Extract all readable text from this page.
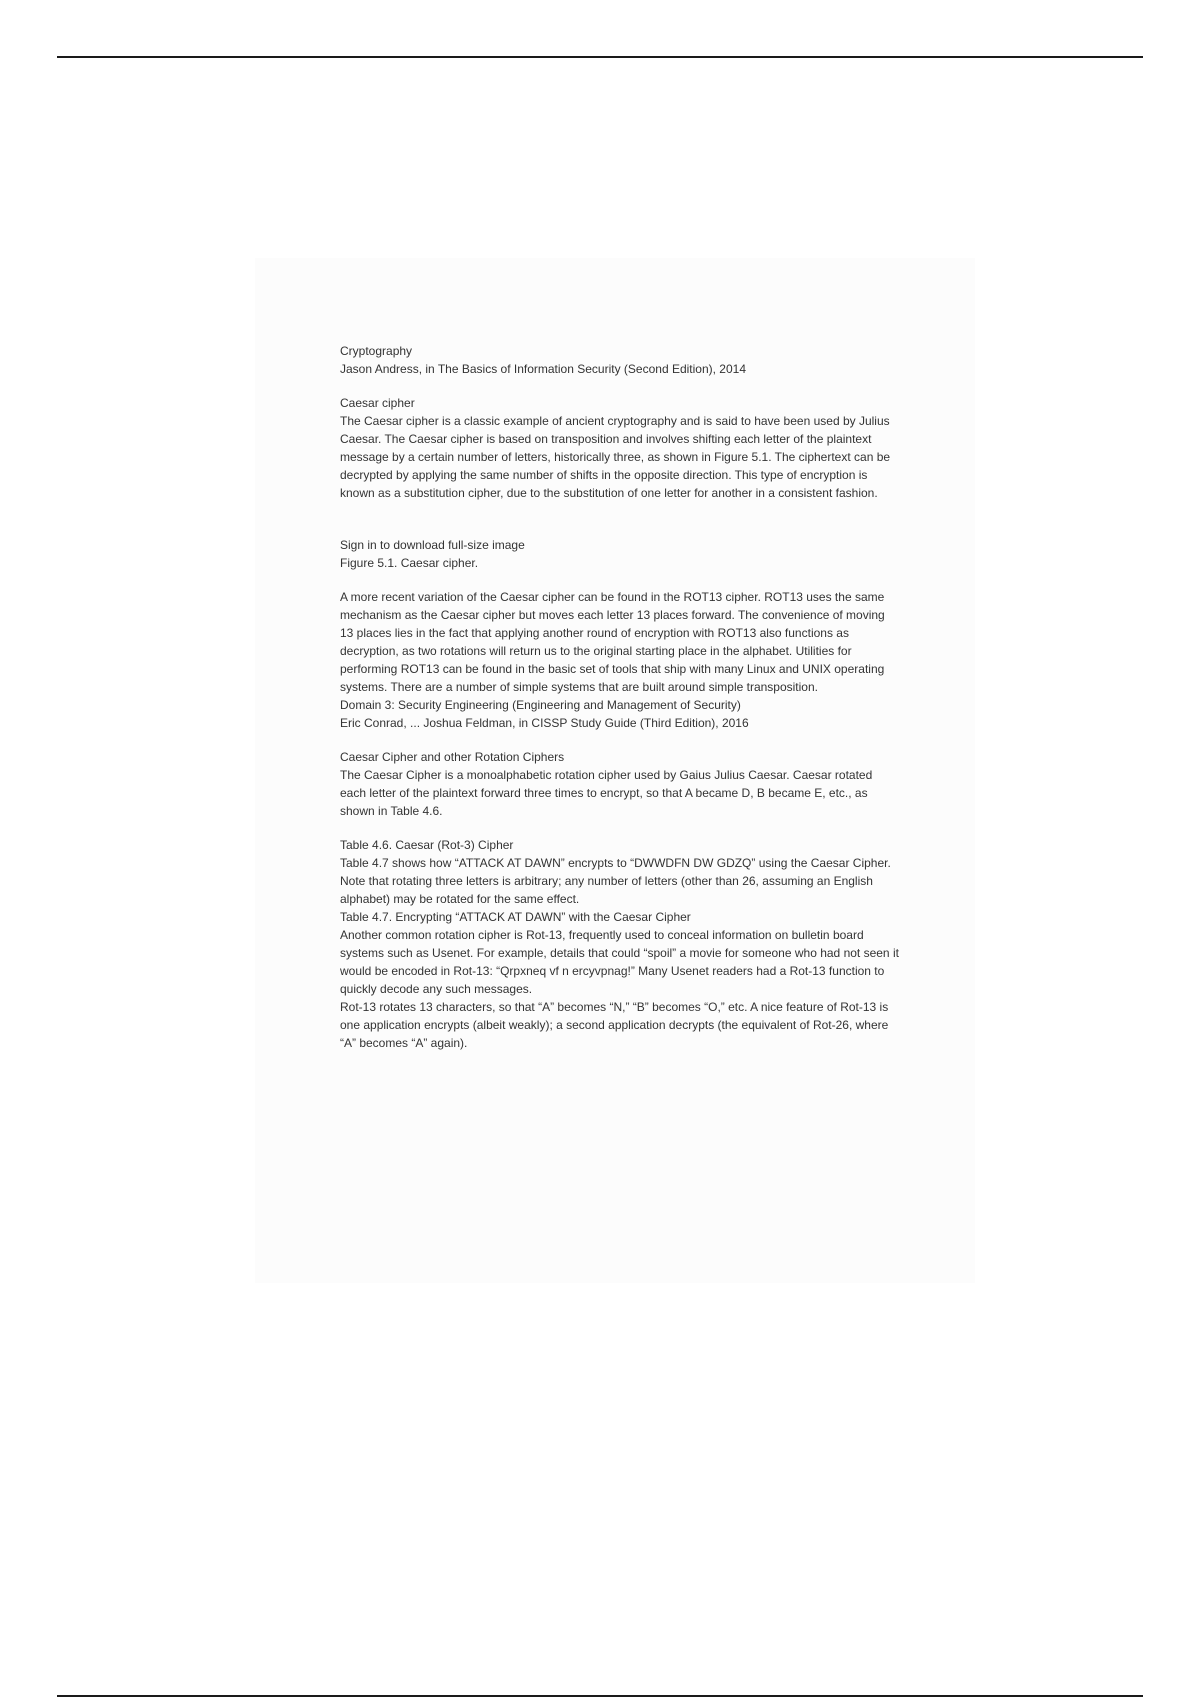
Cryptography

Jason Andress, in The Basics of Information Security (Second Edition), 2014

Caesar cipher

The Caesar cipher is a classic example of ancient cryptography and is said to have been used by Julius Caesar. The Caesar cipher is based on transposition and involves shifting each letter of the plaintext message by a certain number of letters, historically three, as shown in Figure 5.1. The ciphertext can be decrypted by applying the same number of shifts in the opposite direction. This type of encryption is known as a substitution cipher, due to the substitution of one letter for another in a consistent fashion.

Sign in to download full-size image

Figure 5.1. Caesar cipher.

A more recent variation of the Caesar cipher can be found in the ROT13 cipher. ROT13 uses the same mechanism as the Caesar cipher but moves each letter 13 places forward. The convenience of moving 13 places lies in the fact that applying another round of encryption with ROT13 also functions as decryption, as two rotations will return us to the original starting place in the alphabet. Utilities for performing ROT13 can be found in the basic set of tools that ship with many Linux and UNIX operating systems. There are a number of simple systems that are built around simple transposition.

Domain 3: Security Engineering (Engineering and Management of Security)

Eric Conrad, ... Joshua Feldman, in CISSP Study Guide (Third Edition), 2016

Caesar Cipher and other Rotation Ciphers

The Caesar Cipher is a monoalphabetic rotation cipher used by Gaius Julius Caesar. Caesar rotated each letter of the plaintext forward three times to encrypt, so that A became D, B became E, etc., as shown in Table 4.6.

Table 4.6. Caesar (Rot-3) Cipher

Table 4.7 shows how “ATTACK AT DAWN” encrypts to “DWWDFN DW GDZQ” using the Caesar Cipher. Note that rotating three letters is arbitrary; any number of letters (other than 26, assuming an English alphabet) may be rotated for the same effect.

Table 4.7. Encrypting “ATTACK AT DAWN” with the Caesar Cipher

Another common rotation cipher is Rot-13, frequently used to conceal information on bulletin board systems such as Usenet. For example, details that could “spoil” a movie for someone who had not seen it would be encoded in Rot-13: “Qrpxneq vf n ercyvpnag!” Many Usenet readers had a Rot-13 function to quickly decode any such messages.

Rot-13 rotates 13 characters, so that “A” becomes “N,” “B” becomes “O,” etc. A nice feature of Rot-13 is one application encrypts (albeit weakly); a second application decrypts (the equivalent of Rot-26, where “A” becomes “A” again).
